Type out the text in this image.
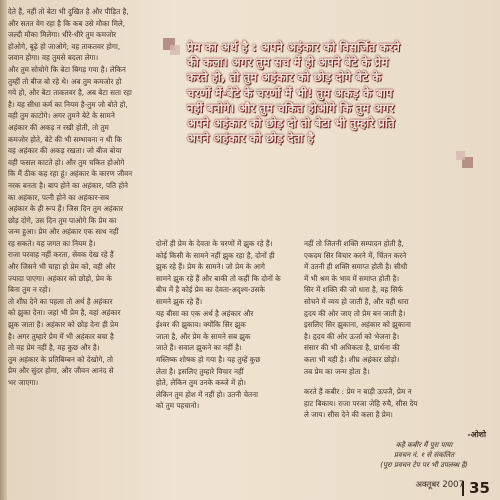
देते हैं, नहीं तो बेटा भी दुखित है और पीड़ित है,
और सतत वेग रहा है कि कब उसे मौका मिले,
जल्दी मौका मिलेगा। धीरे-धीरे तुम कमजोर
होओगे, बूढ़े हो जाओगे; वह ताकतवर होगा,
जवान होगा। वह तुमसे बदला लेगा।
और तुम सोचोगे कि बेटा बिगड़ गया है। लेकिन
तुम्हीं तो बीज बो रहे थे। अब तुम कमजोर हो
गये हो, और बेटा ताकतवर है, अब बेटा सता रहा
है। यह सीधा कर्म का नियम है-तुम जो बोते हो,
वही तुम काटोगे। अगर तुमने बेटे के सामने
अहंकार की अकड़ न रखी होती, तो तुम
कमजोर होते, बेटे की भी सम्भावना न थी कि
वह अहंकार की अकड़ रखता। जो बीज बोया
वही फसल काटते हो। और तुम चकित होओगे
कि मैं ठीक कह रहा हूं। अहंकार के कारण जीवन
नरक बनता है। बाप होने का अहंकार, पति होने
का अहंकार, पत्नी होने का अहंकार-सब
अहंकार के ही रूप हैं। जिस दिन तुम अहंकार
छोड़ दोगे, उस दिन तुम पाओगे कि प्रेम का
जन्म हुआ। प्रेम और अहंकार एक साथ नहीं
रह सकते। यह जगत का नियम है।
राजा परवाह नहीं करता, सेवक देख रहे हैं
और जिसने भी चाहा हो प्रेम को, वही और
ज्यादा पाएगा। अहंकार को छोड़ो, प्रेम के
बिना तुम न रहो।
तो शीघ्र देने का पहला तो अर्थ है अहंकार
को झुका देना। जहां भी प्रेम है, वहां अहंकार
झुक जाता है। अहंकार को छोड़ देना ही प्रेम
है। अगर तुम्हारे प्रेम में भी अहंकार बचा है
तो वह प्रेम नहीं है, वह कुछ और है।
तुम अहंकार के प्रतिबिम्बन को देखोगे, तो
प्रेम और सुंदर होगा, और जीवन आनंद से
भर जाएगा।
प्रेम का अर्थ है : अपने अहंकार को विसर्जित करने
की कला। अगर तुम सच में ही अपने बेटे के प्रेम
करते हो, तो तुम अहंकार को छोड़ दोगे बेटे के
चरणों में-बेटे के चरणों में भी! तुम अकड़ के बाप
नहीं बनोगे। और तुम चकित होओगे कि तुम अगर
अपने अहंकार को छोड़ दो तो बेटा भी तुम्हारे प्रति
अपने अहंकार को छोड़ देता है
दोनों ही प्रेम के देवता के चरणों में झुक रहे हैं।
कोई किसी के सामने नहीं झुक रहा है, दोनों ही
झुक रहे हैं। प्रेम के सामने। जो प्रेम के आगे
सामने झुक रहे हैं और बाकी तो कहीं कि दोनों के
बीच में है कोई प्रेम का देवता-अदृश्य-उसके
सामने झुक रहे हैं।
यह बीसा का एक अर्थ है अहंकार और
ईश्वर की झुकाव। क्योंकि सिर झुक
जाता है, और प्रेम के सामने सब झुक
जाते हैं। सवाल झुकने का नहीं है।
मस्तिष्क शोषक हो गया है। यह तुम्हें कुछ
लेता है। इसलिए तुम्हारे विचार नहीं
होते, लेकिन तुम उनके कब्जे में हो।
लेकिन तुम होश में नहीं हो। उतनी चेतना
को तुम पहचानो।
नहीं तो जितनी शक्ति सम्पादन होती है,
एकदम सिर विचार करने में, चिंतन करने
में उतनी ही शक्ति समाप्त होती है। सीधी
में भी श्रम के भाव में समाप्त होती है।
सिर में शक्ति की जो धारा है, वह सिर्फ
सोचने में व्यय हो जाती है, और वही धारा
हृदय की ओर जाए तो प्रेम बन जाती है।
इसलिए सिर झुकाना, अहंकार को झुकाना
है। हृदय की ओर ऊर्जा को भेजना है।
संसार की भी अधिकता है, प्रार्थना की
कला भी यही है। शीघ्र अहंकार छोड़ो।
तब प्रेम का जन्म होता है।
करते हैं कबीर : प्रेम न बाड़ी ऊपजै, प्रेम न
हाट बिकाय। राजा परजा जेहि रुचै, सीस देय
ले जाय। सीस देने की कला है प्रेम।
-ओशो
कहै कबीर मैं पूरा पाया
प्रवचन नं. १ से संकलित
(पूरा प्रवचन टेप पर भी उपलब्ध है)
अक्तूबर 2007 35
